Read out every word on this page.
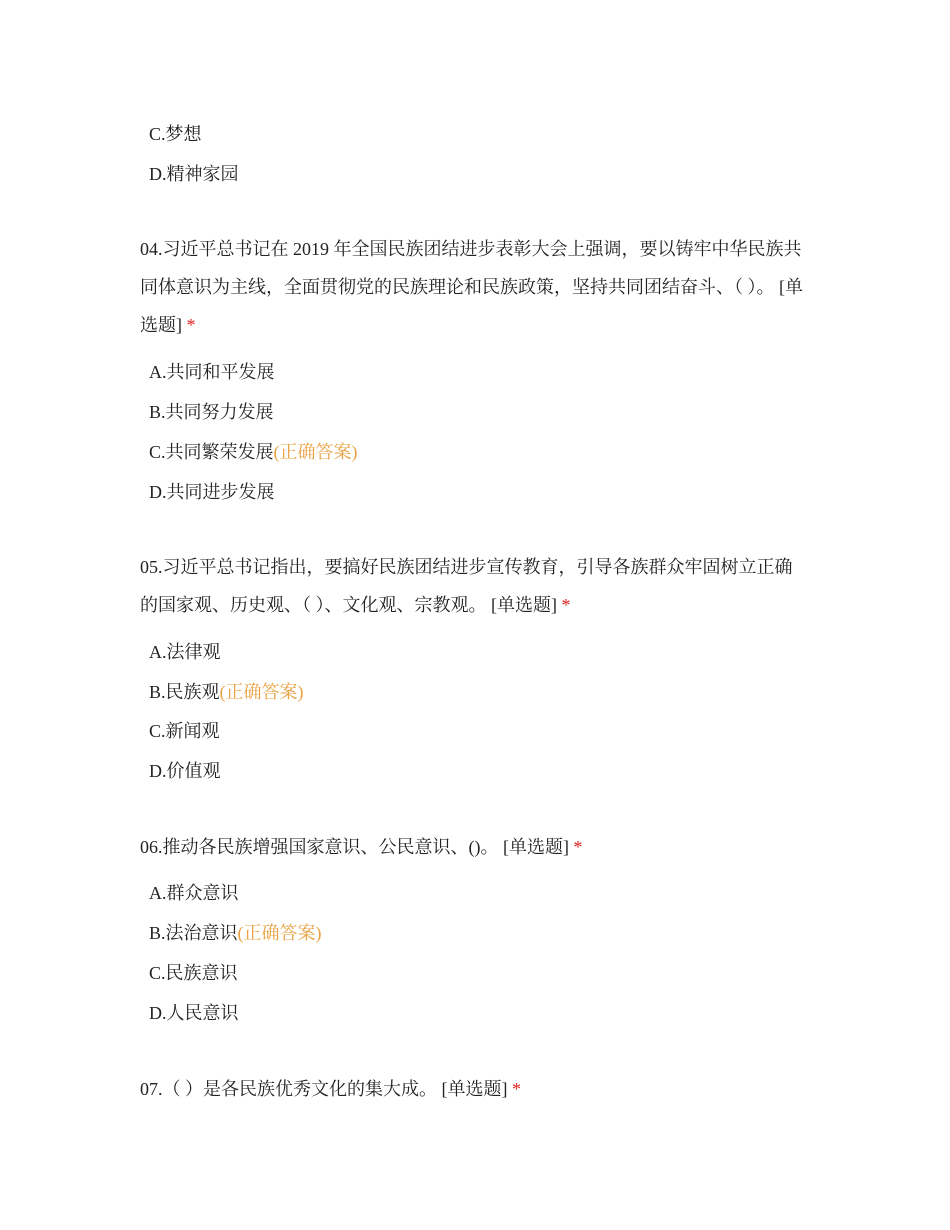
C.梦想
D.精神家园
04.习近平总书记在 2019 年全国民族团结进步表彰大会上强调，要以铸牢中华民族共同体意识为主线，全面贯彻党的民族理论和民族政策，坚持共同团结奋斗、（ ）。 [单选题] *
A.共同和平发展
B.共同努力发展
C.共同繁荣发展(正确答案)
D.共同进步发展
05.习近平总书记指出，要搞好民族团结进步宣传教育，引导各族群众牢固树立正确的国家观、历史观、（ ）、文化观、宗教观。 [单选题] *
A.法律观
B.民族观(正确答案)
C.新闻观
D.价值观
06.推动各民族增强国家意识、公民意识、()。 [单选题] *
A.群众意识
B.法治意识(正确答案)
C.民族意识
D.人民意识
07.（ ）是各民族优秀文化的集大成。 [单选题] *
